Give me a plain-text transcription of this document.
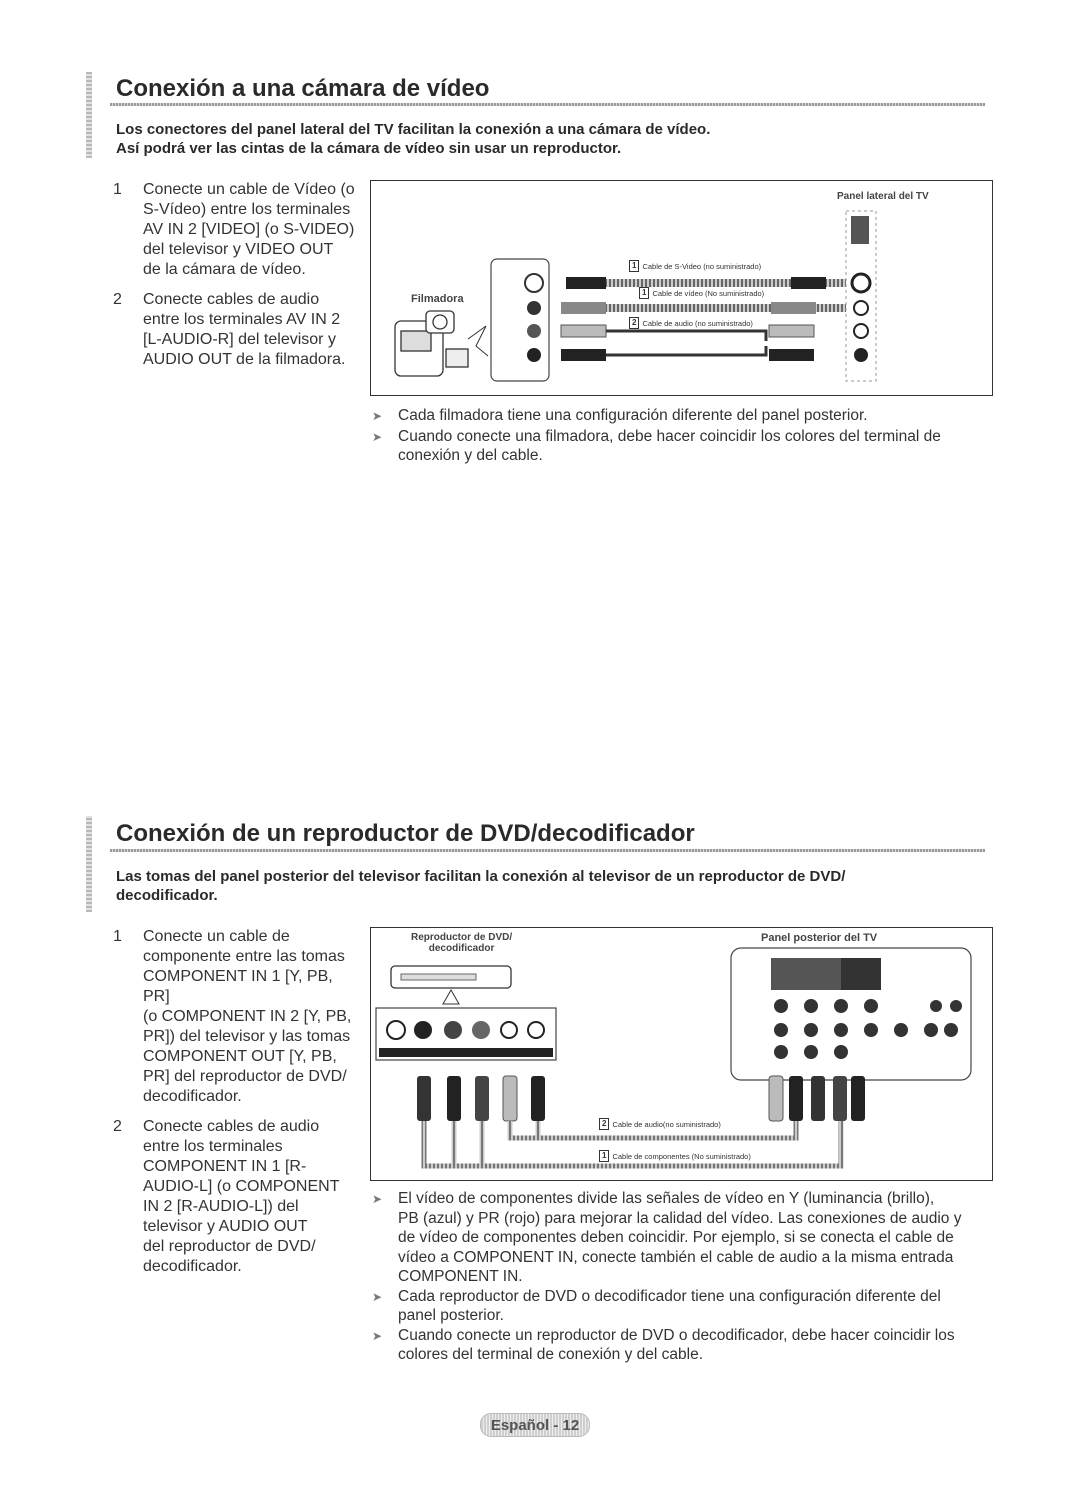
Conexión a una cámara de vídeo
Los conectores del panel lateral del TV facilitan la conexión a una cámara de vídeo.
Así podrá ver las cintas de la cámara de vídeo sin usar un reproductor.
1	Conecte un cable de Vídeo (o
S-Vídeo) entre los terminales
AV IN 2 [VIDEO] (o S-VIDEO)
del televisor y VIDEO OUT
de la cámara de vídeo.
2	Conecte cables de audio
entre los terminales AV IN 2
[L-AUDIO-R] del televisor y
AUDIO OUT de la filmadora.
Panel lateral del TV
Filmadora
1 Cable de S-Video (no suministrado)
1 Cable de vídeo (No suministrado)
2 Cable de audio (no suministrado)
➤	Cada filmadora tiene una configuración diferente del panel posterior.
➤	Cuando conecte una filmadora, debe hacer coincidir los colores del terminal de conexión y del cable.
Conexión de un reproductor de DVD/decodificador
Las tomas del panel posterior del televisor facilitan la conexión al televisor de un reproductor de DVD/
decodificador.
1	Conecte un cable de
componente entre las tomas
COMPONENT IN 1 [Y, PB, PR]
(o COMPONENT IN 2 [Y, PB,
PR]) del televisor y las tomas
COMPONENT OUT [Y, PB,
PR] del reproductor de DVD/
decodificador.
2	Conecte cables de audio
entre los terminales
COMPONENT IN 1 [R-
AUDIO-L] (o COMPONENT
IN 2 [R-AUDIO-L]) del
televisor y AUDIO OUT
del reproductor de DVD/
decodificador.
Reproductor de DVD/
decodificador
Panel posterior del TV
2 Cable de audio(no suministrado)
1 Cable de componentes (No suministrado)
➤	El vídeo de componentes divide las señales de vídeo en Y (luminancia (brillo),
PB (azul) y PR (rojo) para mejorar la calidad del vídeo. Las conexiones de audio y
de vídeo de componentes deben coincidir. Por ejemplo, si se conecta el cable de
vídeo a COMPONENT IN, conecte también el cable de audio a la misma entrada
COMPONENT IN.
➤	Cada reproductor de DVD o decodificador tiene una configuración diferente del
panel posterior.
➤	Cuando conecte un reproductor de DVD o decodificador, debe hacer coincidir los
colores del terminal de conexión y del cable.
Español - 12
